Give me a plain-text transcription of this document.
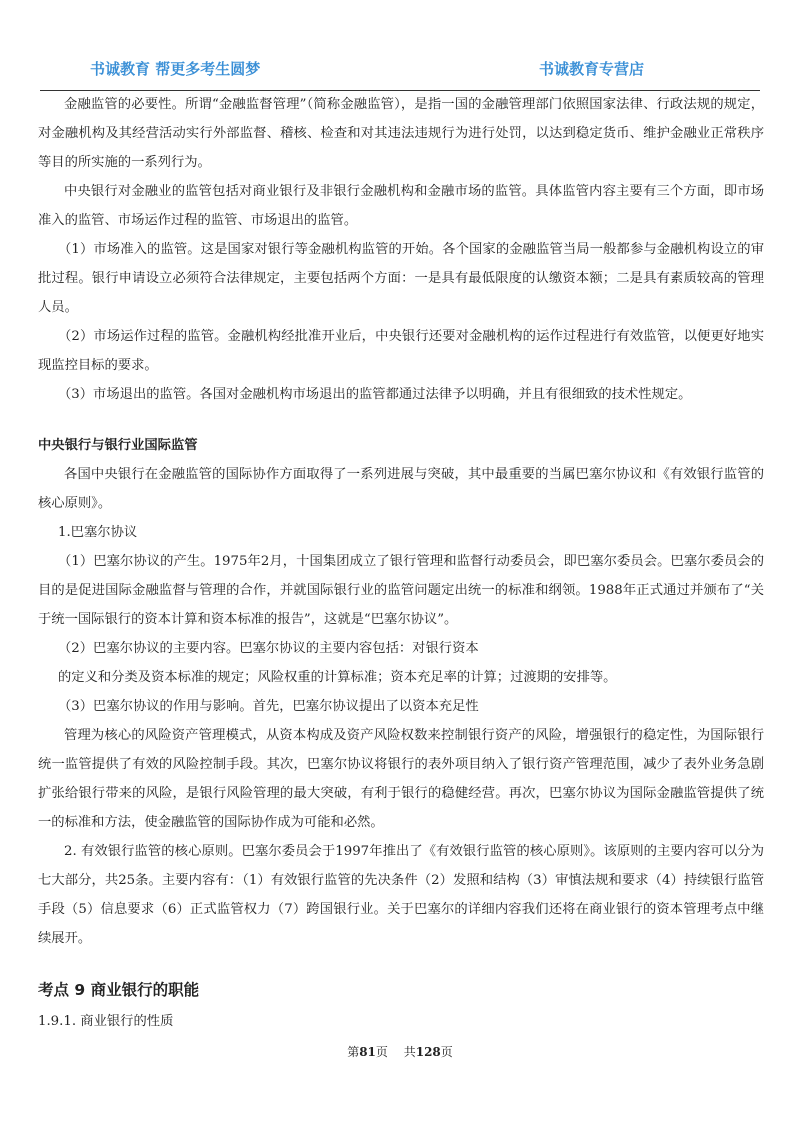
书诚教育 帮更多考生圆梦	书诚教育专营店

金融监管的必要性。所谓“金融监督管理”（简称金融监管），是指一国的金融管理部门依照国家法律、行政法规的规定，对金融机构及其经营活动实行外部监督、稽核、检查和对其违法违规行为进行处罚，以达到稳定货币、维护金融业正常秩序等目的所实施的一系列行为。

中央银行对金融业的监管包括对商业银行及非银行金融机构和金融市场的监管。具体监管内容主要有三个方面，即市场准入的监管、市场运作过程的监管、市场退出的监管。

（1）市场准入的监管。这是国家对银行等金融机构监管的开始。各个国家的金融监管当局一般都参与金融机构设立的审批过程。银行申请设立必须符合法律规定，主要包括两个方面：一是具有最低限度的认缴资本额；二是具有素质较高的管理人员。

（2）市场运作过程的监管。金融机构经批准开业后，中央银行还要对金融机构的运作过程进行有效监管，以便更好地实现监控目标的要求。

（3）市场退出的监管。各国对金融机构市场退出的监管都通过法律予以明确，并且有很细致的技术性规定。

中央银行与银行业国际监管

各国中央银行在金融监管的国际协作方面取得了一系列进展与突破，其中最重要的当属巴塞尔协议和《有效银行监管的核心原则》。

1.巴塞尔协议

（1）巴塞尔协议的产生。1975年2月，十国集团成立了银行管理和监督行动委员会，即巴塞尔委员会。巴塞尔委员会的目的是促进国际金融监督与管理的合作，并就国际银行业的监管问题定出统一的标准和纲领。1988年正式通过并颁布了“关于统一国际银行的资本计算和资本标准的报告”，这就是“巴塞尔协议”。

（2）巴塞尔协议的主要内容。巴塞尔协议的主要内容包括：对银行资本

的定义和分类及资本标准的规定；风险权重的计算标准；资本充足率的计算；过渡期的安排等。

（3）巴塞尔协议的作用与影响。首先，巴塞尔协议提出了以资本充足性

管理为核心的风险资产管理模式，从资本构成及资产风险权数来控制银行资产的风险，增强银行的稳定性，为国际银行统一监管提供了有效的风险控制手段。其次，巴塞尔协议将银行的表外项目纳入了银行资产管理范围，减少了表外业务急剧扩张给银行带来的风险，是银行风险管理的最大突破，有利于银行的稳健经营。再次，巴塞尔协议为国际金融监管提供了统一的标准和方法，使金融监管的国际协作成为可能和必然。

2. 有效银行监管的核心原则。巴塞尔委员会于1997年推出了《有效银行监管的核心原则》。该原则的主要内容可以分为七大部分，共25条。主要内容有：（1）有效银行监管的先决条件（2）发照和结构（3）审慎法规和要求（4）持续银行监管手段（5）信息要求（6）正式监管权力（7）跨国银行业。关于巴塞尔的详细内容我们还将在商业银行的资本管理考点中继续展开。

考点 9 商业银行的职能

1.9.1. 商业银行的性质

第81页　 共128页
